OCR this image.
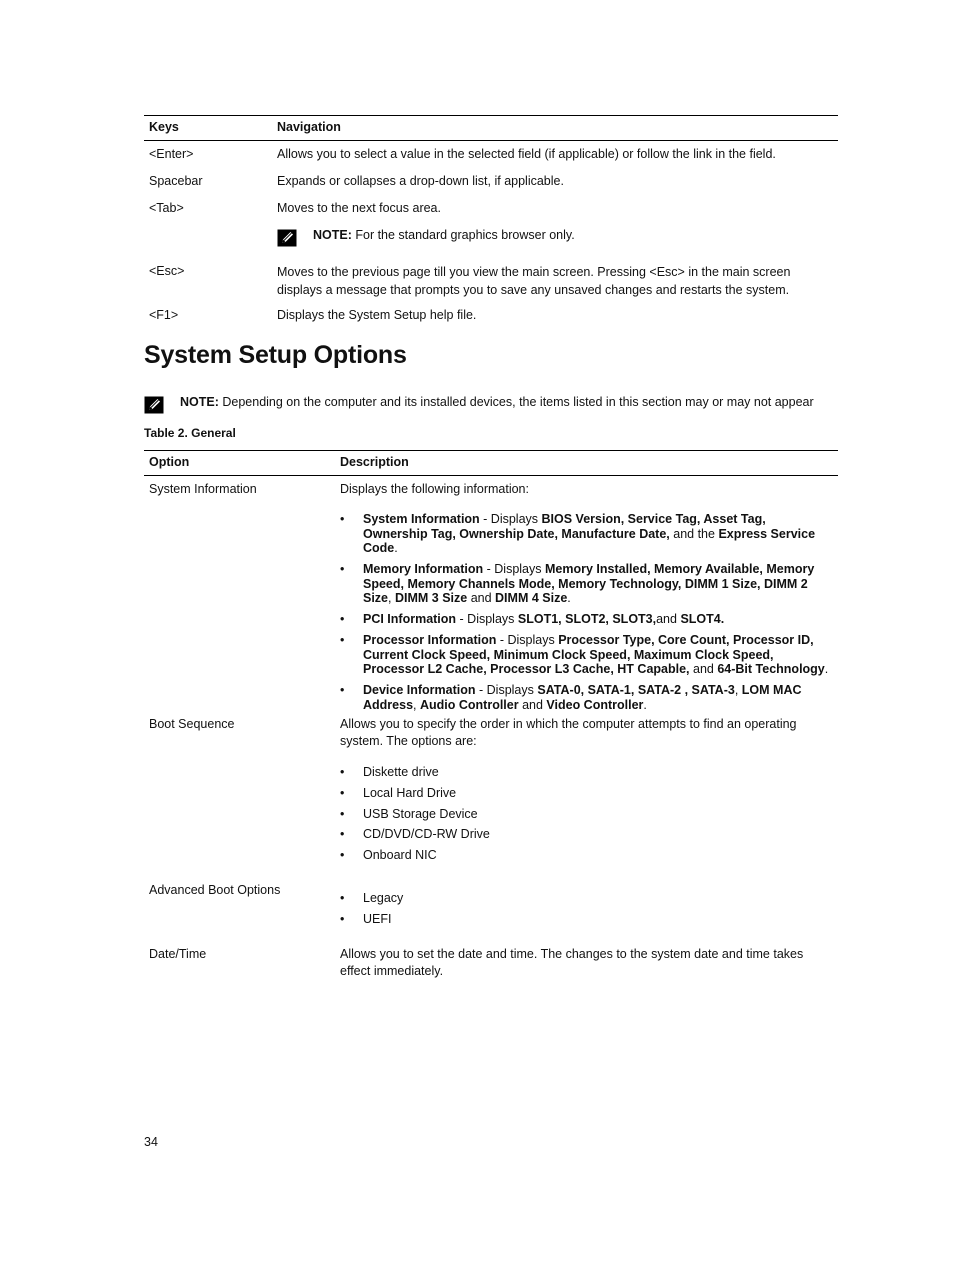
Keys	Navigation
<Enter>	Allows you to select a value in the selected field (if applicable) or follow the link in the field.
Spacebar	Expands or collapses a drop-down list, if applicable.
<Tab>	Moves to the next focus area.
NOTE: For the standard graphics browser only.
<Esc>	Moves to the previous page till you view the main screen. Pressing <Esc> in the main screen displays a message that prompts you to save any unsaved changes and restarts the system.
<F1>	Displays the System Setup help file.
System Setup Options
NOTE: Depending on the computer and its installed devices, the items listed in this section may or may not appear
Table 2. General
Option	Description
System Information	Displays the following information:
• System Information - Displays BIOS Version, Service Tag, Asset Tag, Ownership Tag, Ownership Date, Manufacture Date, and the Express Service Code.
• Memory Information - Displays Memory Installed, Memory Available, Memory Speed, Memory Channels Mode, Memory Technology, DIMM 1 Size, DIMM 2 Size, DIMM 3 Size and DIMM 4 Size.
• PCI Information - Displays SLOT1, SLOT2, SLOT3,and SLOT4.
• Processor Information - Displays Processor Type, Core Count, Processor ID, Current Clock Speed, Minimum Clock Speed, Maximum Clock Speed, Processor L2 Cache, Processor L3 Cache, HT Capable, and 64-Bit Technology.
• Device Information - Displays SATA-0, SATA-1, SATA-2 , SATA-3, LOM MAC Address, Audio Controller and Video Controller.
Boot Sequence	Allows you to specify the order in which the computer attempts to find an operating system. The options are:
• Diskette drive
• Local Hard Drive
• USB Storage Device
• CD/DVD/CD-RW Drive
• Onboard NIC
Advanced Boot Options
• Legacy
• UEFI
Date/Time	Allows you to set the date and time. The changes to the system date and time takes effect immediately.
34
